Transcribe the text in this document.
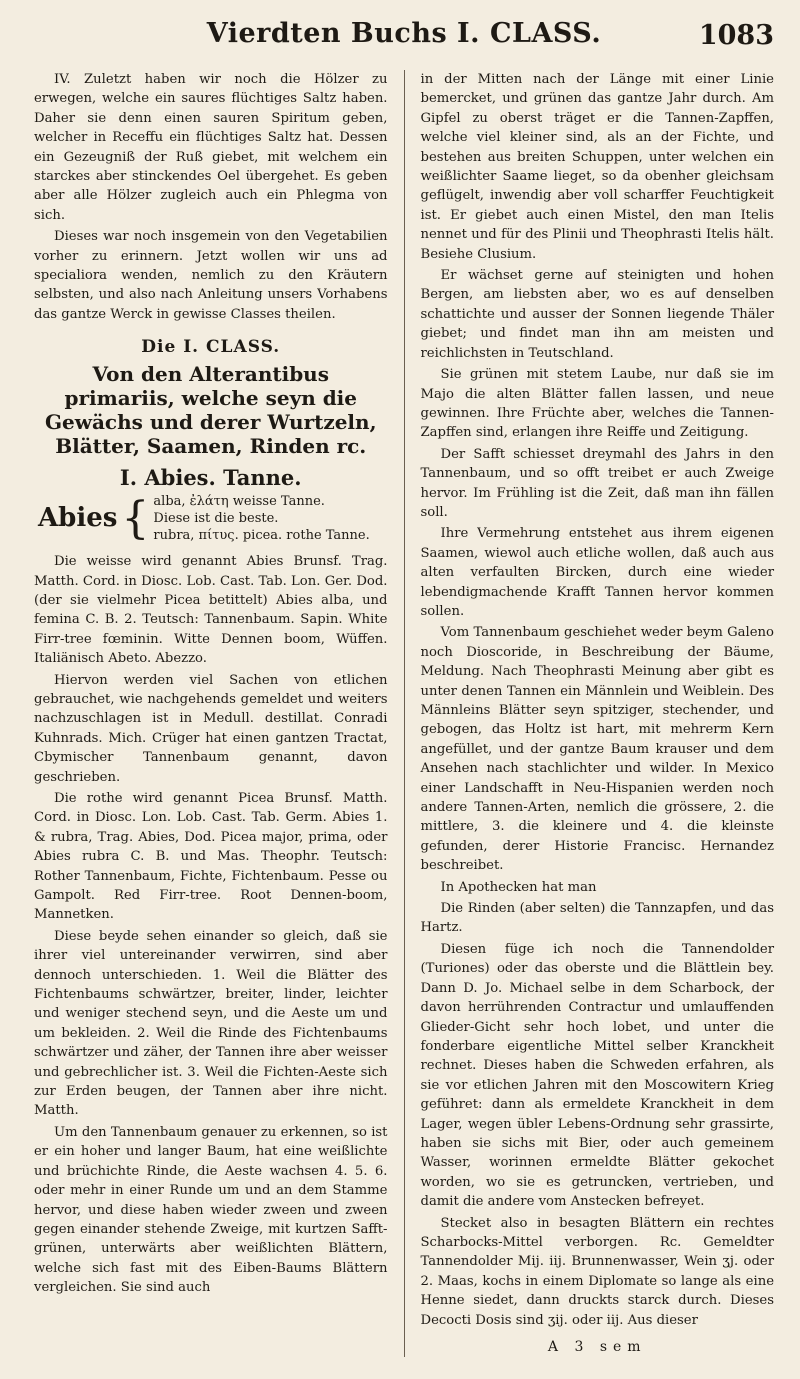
Vierdten Buchs I. CLASS.	1083

IV. Zuletzt haben wir noch die Hölzer zu erwegen, welche ein saures flüchtiges Saltz haben. Daher sie denn einen sauren Spiritum geben, welcher in Receffu ein flüchtiges Saltz hat. Dessen ein Gezeugniß der Ruß giebet, mit welchem ein starckes aber stinckendes Oel übergehet. Es geben aber alle Hölzer zugleich auch ein Phlegma von sich.

Dieses war noch insgemein von den Vegetabilien vorher zu erinnern. Jetzt wollen wir uns ad specialiora wenden, nemlich zu den Kräutern selbsten, und also nach Anleitung unsers Vorhabens das gantze Werck in gewisse Classes theilen.

Die I. CLASS.
Von den Alterantibus primariis, welche seyn die Gewächs und derer Wurtzeln, Blätter, Saamen, Rinden rc.
I. Abies. Tanne.
Abies { alba, ἐλάτη weisse Tanne.
Diese ist die beste.
rubra, πίτυς. picea. rothe Tanne.

Die weisse wird genannt Abies Brunsf. Trag. Matth. Cord. in Diosc. Lob. Cast. Tab. Lon. Ger. Dod. (der sie vielmehr Picea betittelt) Abies alba, und femina C. B. 2. Teutsch: Tannenbaum. Sapin. White Firr-tree fœminin. Witte Dennen boom, Wüffen. Italiänisch Abeto. Abezzo.

Hiervon werden viel Sachen von etlichen gebrauchet, wie nachgehends gemeldet und weiters nachzuschlagen ist in Medull. destillat. Conradi Kuhnrads. Mich. Crüger hat einen gantzen Tractat, Cbymischer Tannenbaum genannt, davon geschrieben.

Die rothe wird genannt Picea Brunsf. Matth. Cord. in Diosc. Lon. Lob. Cast. Tab. Germ. Abies 1. & rubra, Trag. Abies, Dod. Picea major, prima, oder Abies rubra C. B. und Mas. Theophr. Teutsch: Rother Tannenbaum, Fichte, Fichtenbaum. Pesse ou Gampolt. Red Firr-tree. Root Dennen-boom, Mannetken.

Diese beyde sehen einander so gleich, daß sie ihrer viel untereinander verwirren, sind aber dennoch unterschieden. 1. Weil die Blätter des Fichtenbaums schwärtzer, breiter, linder, leichter und weniger stechend seyn, und die Aeste um und um bekleiden. 2. Weil die Rinde des Fichtenbaums schwärtzer und zäher, der Tannen ihre aber weisser und gebrechlicher ist. 3. Weil die Fichten-Aeste sich zur Erden beugen, der Tannen aber ihre nicht. Matth.

Um den Tannenbaum genauer zu erkennen, so ist er ein hoher und langer Baum, hat eine weißlichte und brüchichte Rinde, die Aeste wachsen 4. 5. 6. oder mehr in einer Runde um und an dem Stamme hervor, und diese haben wieder zween und zween gegen einander stehende Zweige, mit kurtzen Safft-grünen, unterwärts aber weißlichten Blättern, welche sich fast mit des Eiben-Baums Blättern vergleichen. Sie sind auch

in der Mitten nach der Länge mit einer Linie bemercket, und grünen das gantze Jahr durch. Am Gipfel zu oberst träget er die Tannen-Zapffen, welche viel kleiner sind, als an der Fichte, und bestehen aus breiten Schuppen, unter welchen ein weißlichter Saame lieget, so da obenher gleichsam geflügelt, inwendig aber voll scharffer Feuchtigkeit ist. Er giebet auch einen Mistel, den man Itelis nennet und für des Plinii und Theophrasti Itelis hält. Besiehe Clusium.

Er wächset gerne auf steinigten und hohen Bergen, am liebsten aber, wo es auf denselben schattichte und ausser der Sonnen liegende Thäler giebet; und findet man ihn am meisten und reichlichsten in Teutschland.

Sie grünen mit stetem Laube, nur daß sie im Majo die alten Blätter fallen lassen, und neue gewinnen. Ihre Früchte aber, welches die Tannen-Zapffen sind, erlangen ihre Reiffe und Zeitigung.

Der Safft schiesset dreymahl des Jahrs in den Tannenbaum, und so offt treibet er auch Zweige hervor. Im Frühling ist die Zeit, daß man ihn fällen soll.

Ihre Vermehrung entstehet aus ihrem eigenen Saamen, wiewol auch etliche wollen, daß auch aus alten verfaulten Bircken, durch eine wieder lebendigmachende Krafft Tannen hervor kommen sollen.

Vom Tannenbaum geschiehet weder beym Galeno noch Dioscoride, in Beschreibung der Bäume, Meldung. Nach Theophrasti Meinung aber gibt es unter denen Tannen ein Männlein und Weiblein. Des Männleins Blätter seyn spitziger, stechender, und gebogen, das Holtz ist hart, mit mehrerm Kern angefüllet, und der gantze Baum krauser und dem Ansehen nach stachlichter und wilder. In Mexico einer Landschafft in Neu-Hispanien werden noch andere Tannen-Arten, nemlich die grössere, 2. die mittlere, 3. die kleinere und 4. die kleinste gefunden, derer Historie Francisc. Hernandez beschreibet.

In Apothecken hat man

Die Rinden (aber selten) die Tannzapfen, und das Hartz.

Diesen füge ich noch die Tannendolder (Turiones) oder das oberste und die Blättlein bey. Dann D. Jo. Michael selbe in dem Scharbock, der davon herrührenden Contractur und umlauffenden Glieder-Gicht sehr hoch lobet, und unter die fonderbare eigentliche Mittel selber Kranckheit rechnet. Dieses haben die Schweden erfahren, als sie vor etlichen Jahren mit den Moscowitern Krieg geführet: dann als ermeldete Kranckheit in dem Lager, wegen übler Lebens-Ordnung sehr grassirte, haben sie sichs mit Bier, oder auch gemeinem Wasser, worinnen ermeldte Blätter gekochet worden, wo sie es getruncken, vertrieben, und damit die andere vom Anstecken befreyet.

Stecket also in besagten Blättern ein rechtes Scharbocks-Mittel verborgen. Rc. Gemeldter Tannendolder Mij. iij. Brunnenwasser, Wein ʒj. oder 2. Maas, kochs in einem Diplomate so lange als eine Henne siedet, dann druckts starck durch. Dieses Decocti Dosis sind ʒij. oder iij. Aus dieser

A 3 sem
